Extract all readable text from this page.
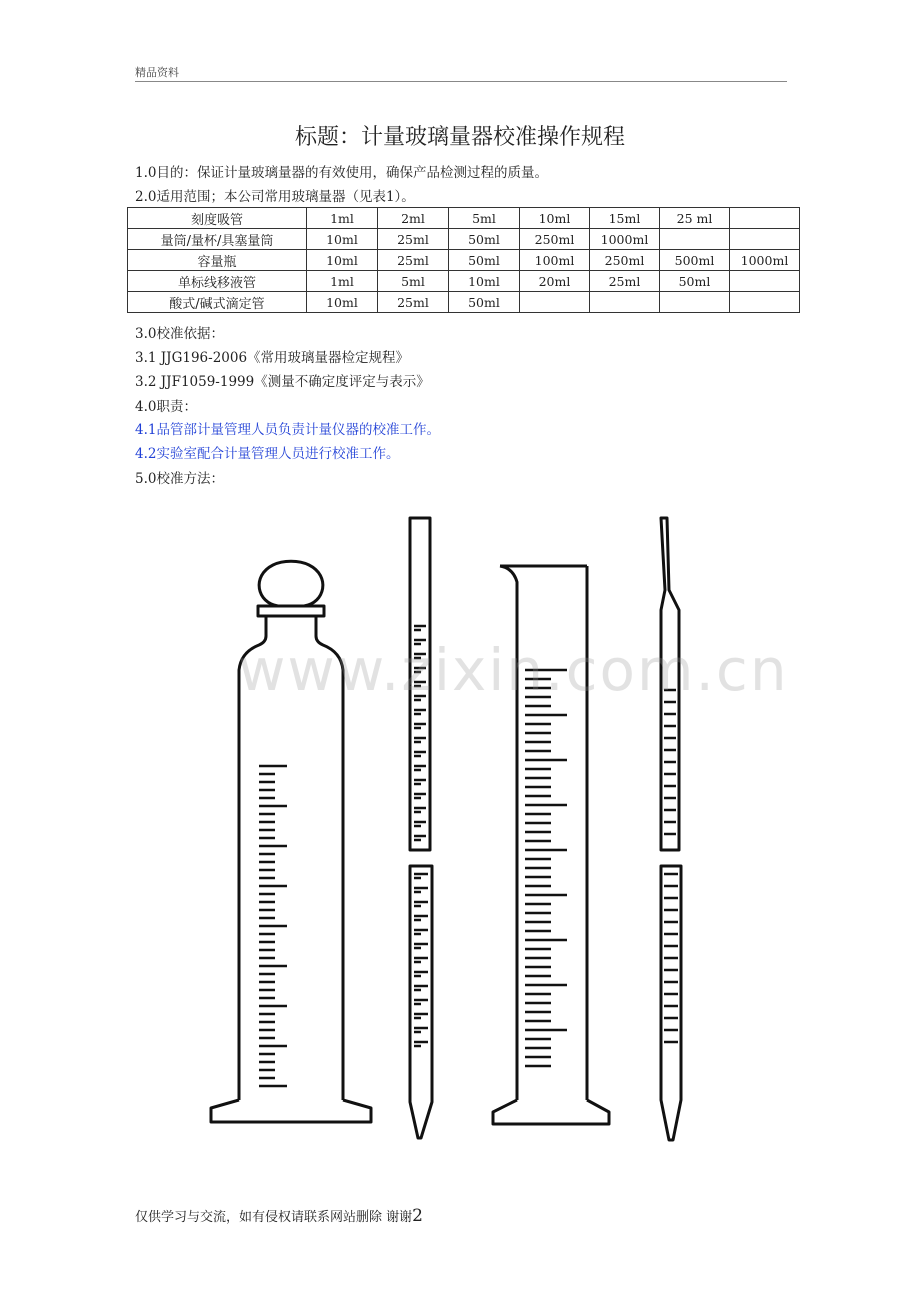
精品资料
标题：计量玻璃量器校准操作规程
1.0目的：保证计量玻璃量器的有效使用，确保产品检测过程的质量。
2.0适用范围；本公司常用玻璃量器（见表1）。
刻度吸管	1ml	2ml	5ml	10ml	15ml	25 ml	
量筒/量杯/具塞量筒	10ml	25ml	50ml	250ml	1000ml		
容量瓶	10ml	25ml	50ml	100ml	250ml	500ml	1000ml
单标线移液管	1ml	5ml	10ml	20ml	25ml	50ml	
酸式/碱式滴定管	10ml	25ml	50ml				
3.0校准依据：
3.1 JJG196-2006《常用玻璃量器检定规程》
3.2 JJF1059-1999《测量不确定度评定与表示》
4.0职责：
4.1品管部计量管理人员负责计量仪器的校准工作。
4.2实验室配合计量管理人员进行校准工作。
5.0校准方法：
www.zixin.com.cn
仅供学习与交流，如有侵权请联系网站删除 谢谢2
